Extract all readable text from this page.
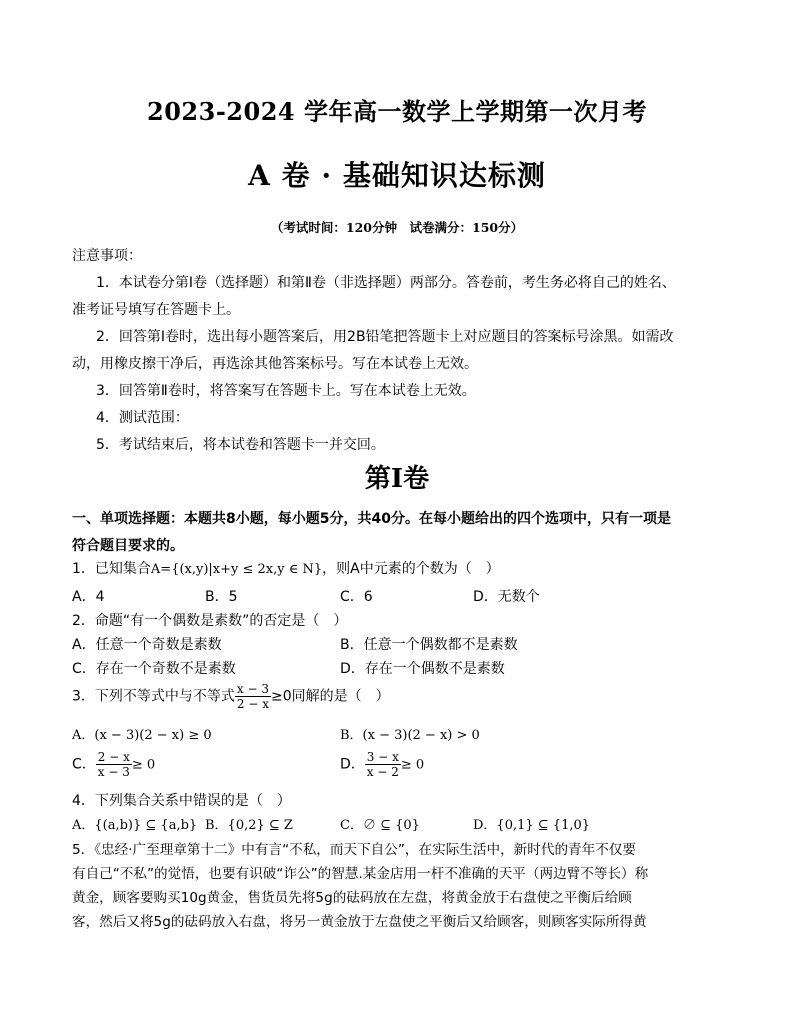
2023-2024 学年高一数学上学期第一次月考
A 卷 · 基础知识达标测
（考试时间：120分钟　试卷满分：150分）
注意事项：
1．本试卷分第Ⅰ卷（选择题）和第Ⅱ卷（非选择题）两部分。答卷前，考生务必将自己的姓名、
准考证号填写在答题卡上。
2．回答第Ⅰ卷时，选出每小题答案后，用2B铅笔把答题卡上对应题目的答案标号涂黑。如需改
动，用橡皮擦干净后，再选涂其他答案标号。写在本试卷上无效。
3．回答第Ⅱ卷时，将答案写在答题卡上。写在本试卷上无效。
4．测试范围：
5．考试结束后，将本试卷和答题卡一并交回。
第Ⅰ卷
一、单项选择题：本题共8小题，每小题5分，共40分。在每小题给出的四个选项中，只有一项是
符合题目要求的。
1．已知集合A={(x,y)|x+y ≤ 2x,y ∈ N}，则A中元素的个数为（　）
A．4	B．5	C．6	D．无数个
2．命题“有一个偶数是素数”的否定是（　）
A．任意一个奇数是素数	B．任意一个偶数都不是素数
C．存在一个奇数不是素数	D．存在一个偶数不是素数
3．下列不等式中与不等式 $\frac{x - 3}{2 - x} \ge 0$同解的是（　）
A．(x − 3)(2 − x) ≥ 0	B．(x − 3)(2 − x) > 0
C． $\frac{2 - x}{x - 3} \ge 0$	D． $\frac{3 - x}{x - 2} \ge 0$
4．下列集合关系中错误的是（　）
A．{(a,b)} ⊆ {a,b} B．{0,2} ⊆ Z	C．∅ ⊆ {0}	D．{0,1} ⊆ {1,0}
5．《忠经·广至理章第十二》中有言“不私，而天下自公”，在实际生活中，新时代的青年不仅要
有自己“不私”的觉悟，也要有识破“诈公”的智慧.某金店用一杆不准确的天平（两边臂不等长）称
黄金，顾客要购买10g黄金，售货员先将5g的砝码放在左盘，将黄金放于右盘使之平衡后给顾
客，然后又将5g的砝码放入右盘，将另一黄金放于左盘使之平衡后又给顾客，则顾客实际所得黄
